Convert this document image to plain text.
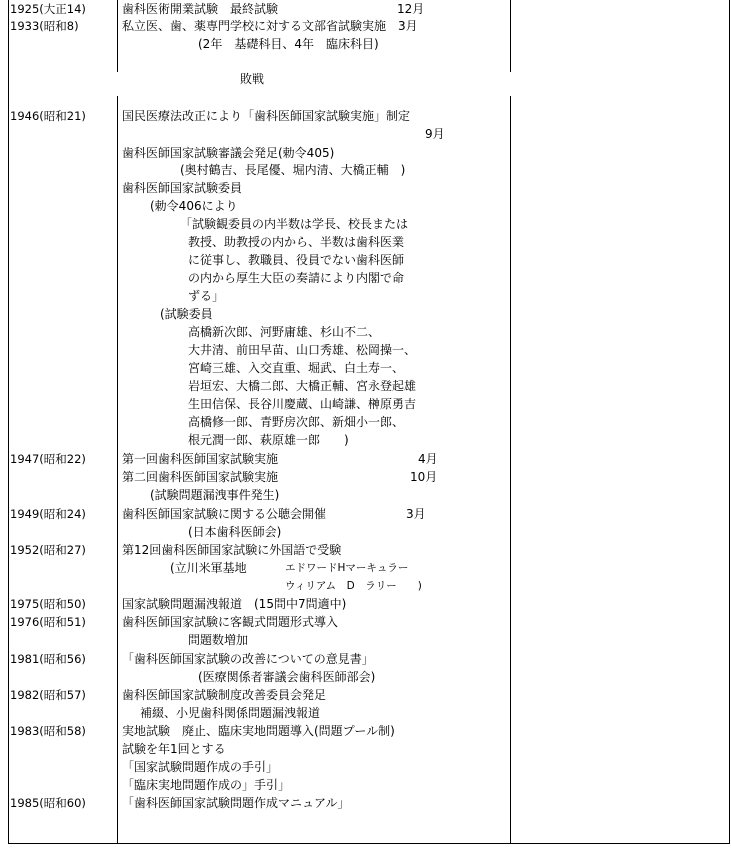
1925(大正14)	歯科医術開業試験　最終試験	12月
1933(昭和8)	私立医、歯、薬専門学校に対する文部省試験実施　3月
(2年　基礎科目、4年　臨床科目)
敗戦
1946(昭和21)	国民医療法改正により「歯科医師国家試験実施」制定
9月
歯科医師国家試験審議会発足(勅令405)
(奥村鶴吉、長尾優、堀内清、大橋正輔　)
歯科医師国家試験委員
(勅令406により
「試験観委員の内半数は学長、校長または
教授、助教授の内から、半数は歯科医業
に従事し、教職員、役員でない歯科医師
の内から厚生大臣の奏請により内閣で命
ずる」
(試験委員
高橋新次郎、河野庸雄、杉山不二、
大井清、前田早苗、山口秀雄、松岡操一、
宮崎三雄、入交直重、堀武、白土寿一、
岩垣宏、大橋二郎、大橋正輔、宮永登起雄
生田信保、長谷川慶蔵、山崎謙、榊原勇吉
高橋修一郎、青野房次郎、新畑小一郎、
根元潤一郎、萩原雄一郎　　)
1947(昭和22)	第一回歯科医師国家試験実施	4月
第二回歯科医師国家試験実施	10月
(試験問題漏洩事件発生)
1949(昭和24)	歯科医師国家試験に関する公聴会開催	3月
(日本歯科医師会)
1952(昭和27)	第12回歯科医師国家試験に外国語で受験
(立川米軍基地	エドワードHマーキュラー
ウィリアム　D　ラリー　　)
1975(昭和50)	国家試験問題漏洩報道　(15問中7問適中)
1976(昭和51)	歯科医師国家試験に客観式問題形式導入
問題数増加
1981(昭和56)	「歯科医師国家試験の改善についての意見書」
(医療関係者審議会歯科医師部会)
1982(昭和57)	歯科医師国家試験制度改善委員会発足
補綴、小児歯科関係問題漏洩報道
1983(昭和58)	実地試験　廃止、臨床実地問題導入(問題プール制)
試験を年1回とする
「国家試験問題作成の手引」
「臨床実地問題作成の」手引」
1985(昭和60)	「歯科医師国家試験問題作成マニュアル」
